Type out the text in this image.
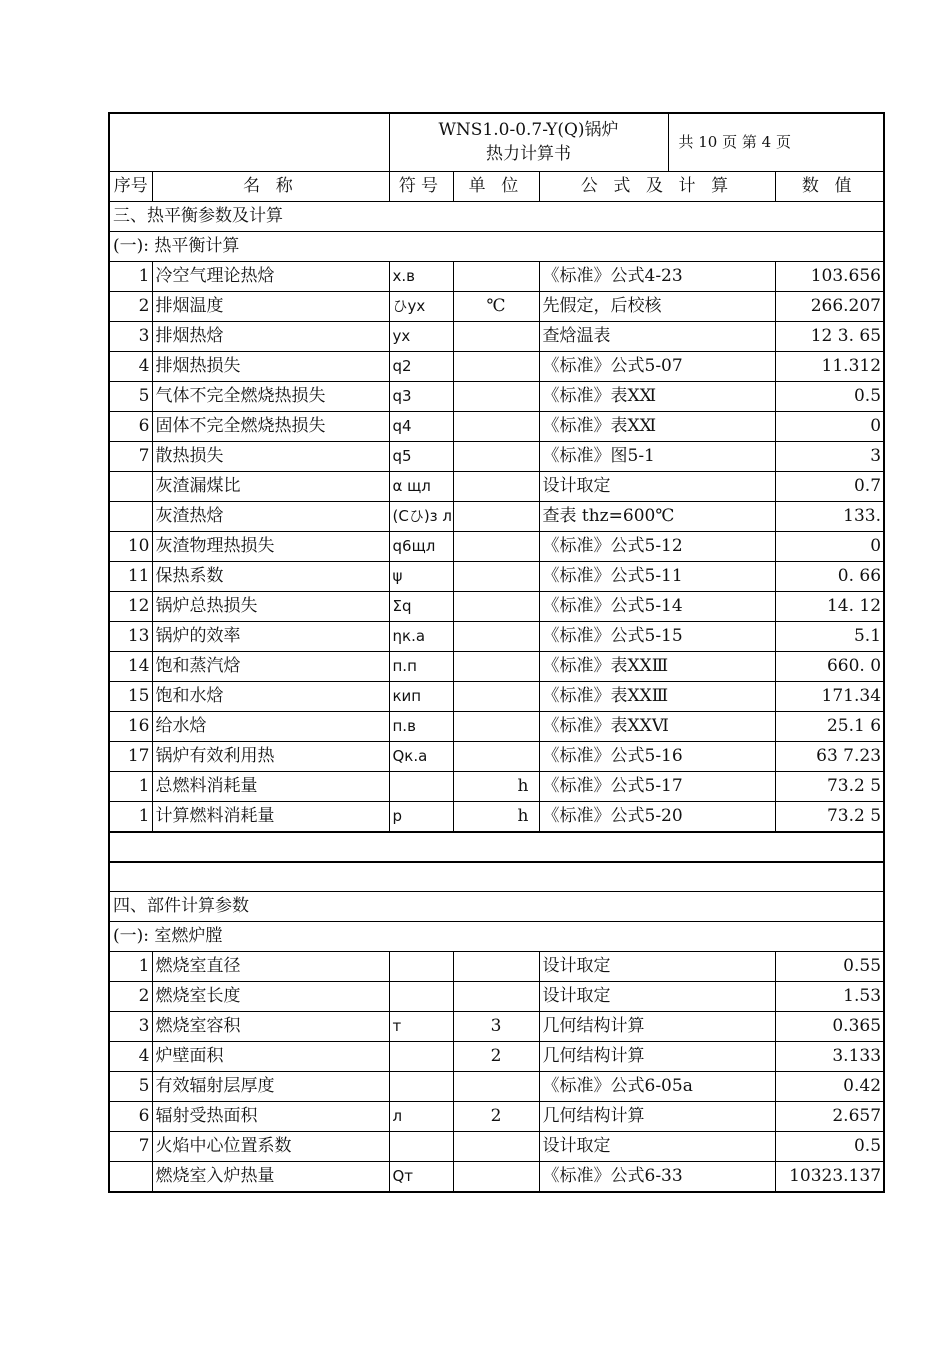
		WNS1.0-0.7-Y(Q)锅炉
热力计算书			共 10 页 第 4 页	
序号	名 称	符号	单 位	公 式 及 计 算		数 值
三、热平衡参数及计算						
(一): 热平衡计算						
1	冷空气理论热焓	х.в		《标准》公式4-23		103.656
2	排烟温度	ひух	℃	先假定，后校核		266.207
3	排烟热焓	ух		查焓温表		12 3. 65
4	排烟热损失	q2		《标准》公式5-07		11.312
5	气体不完全燃烧热损失	q3		《标准》表ⅩⅪ		0.5
6	固体不完全燃烧热损失	q4		《标准》表ⅩⅪ		0
7	散热损失	q5		《标准》图5-1		3
	灰渣漏煤比	α щл		设计取定		0.7
	灰渣热焓	(Cひ)з л		查表 thz=600℃		133.
10	灰渣物理热损失	q6щл		《标准》公式5-12		0
11	保热系数	ψ		《标准》公式5-11		0. 66
12	锅炉总热损失	Σq		《标准》公式5-14		14. 12
13	锅炉的效率	ηк.а		《标准》公式5-15		5.1
14	饱和蒸汽焓	п.п		《标准》表ⅩⅩⅢ		660. 0
15	饱和水焓	кип		《标准》表ⅩⅩⅢ		171.34
16	给水焓	п.в		《标准》表ⅩⅩⅥ		25.1 6
17	锅炉有效利用热	Qк.а		《标准》公式5-16		63 7.23
1	总燃料消耗量		h	《标准》公式5-17		73.2 5
1	计算燃料消耗量	р	h	《标准》公式5-20		73.2 5

四、部件计算参数						
(一): 室燃炉膛						
1	燃烧室直径			设计取定		0.55
2	燃烧室长度			设计取定		1.53
3	燃烧室容积	т	3	几何结构计算		0.365
4	炉壁面积		2	几何结构计算		3.133
5	有效辐射层厚度			《标准》公式6-05а		0.42
6	辐射受热面积	л	2	几何结构计算		2.657
7	火焰中心位置系数			设计取定		0.5
	燃烧室入炉热量	Qт		《标准》公式6-33		10323.137
